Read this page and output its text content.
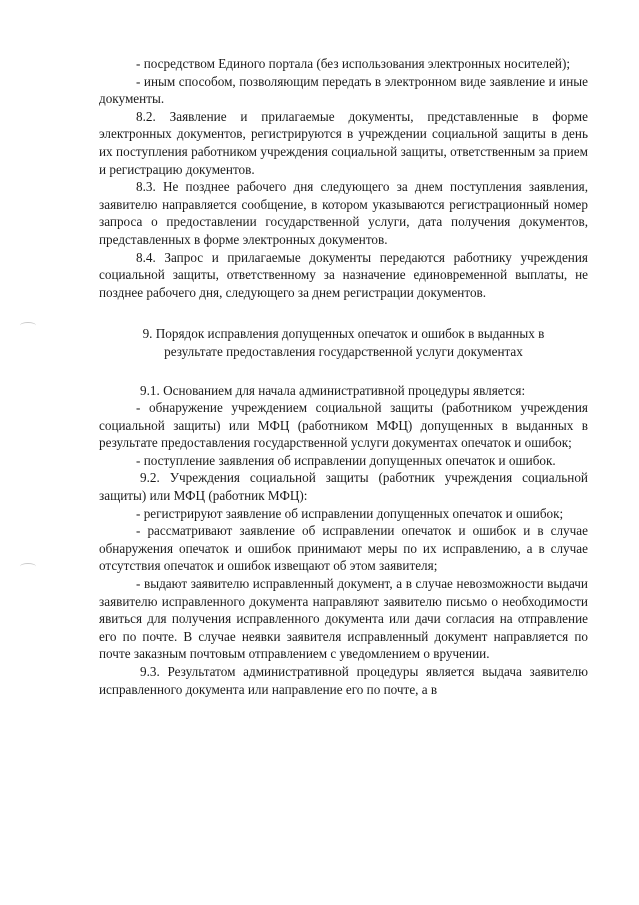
- посредством Единого портала (без использования электронных носителей);

- иным способом, позволяющим передать в электронном виде заявление и иные документы.

8.2. Заявление и прилагаемые документы, представленные в форме электронных документов, регистрируются в учреждении социальной защиты в день их поступления работником учреждения социальной защиты, ответственным за прием и регистрацию документов.

8.3. Не позднее рабочего дня следующего за днем поступления заявления, заявителю направляется сообщение, в котором указываются регистрационный номер запроса о предоставлении государственной услуги, дата получения документов, представленных в форме электронных документов.

8.4. Запрос и прилагаемые документы передаются работнику учреждения социальной защиты, ответственному за назначение единовременной выплаты, не позднее рабочего дня, следующего за днем регистрации документов.

9. Порядок исправления допущенных опечаток и ошибок в выданных в результате предоставления государственной услуги документах

9.1. Основанием для начала административной процедуры является:

- обнаружение учреждением социальной защиты (работником учреждения социальной защиты) или МФЦ (работником МФЦ) допущенных в выданных в результате предоставления государственной услуги документах опечаток и ошибок;

- поступление заявления об исправлении допущенных опечаток и ошибок.

9.2. Учреждения социальной защиты (работник учреждения социальной защиты) или МФЦ (работник МФЦ):

- регистрируют заявление об исправлении допущенных опечаток и ошибок;

- рассматривают заявление об исправлении опечаток и ошибок и в случае обнаружения опечаток и ошибок принимают меры по их исправлению, а в случае отсутствия опечаток и ошибок извещают об этом заявителя;

- выдают заявителю исправленный документ, а в случае невозможности выдачи заявителю исправленного документа направляют заявителю письмо о необходимости явиться для получения исправленного документа или дачи согласия на отправление его по почте. В случае неявки заявителя исправленный документ направляется по почте заказным почтовым отправлением с уведомлением о вручении.

9.3. Результатом административной процедуры является выдача заявителю исправленного документа или направление его по почте, а в
